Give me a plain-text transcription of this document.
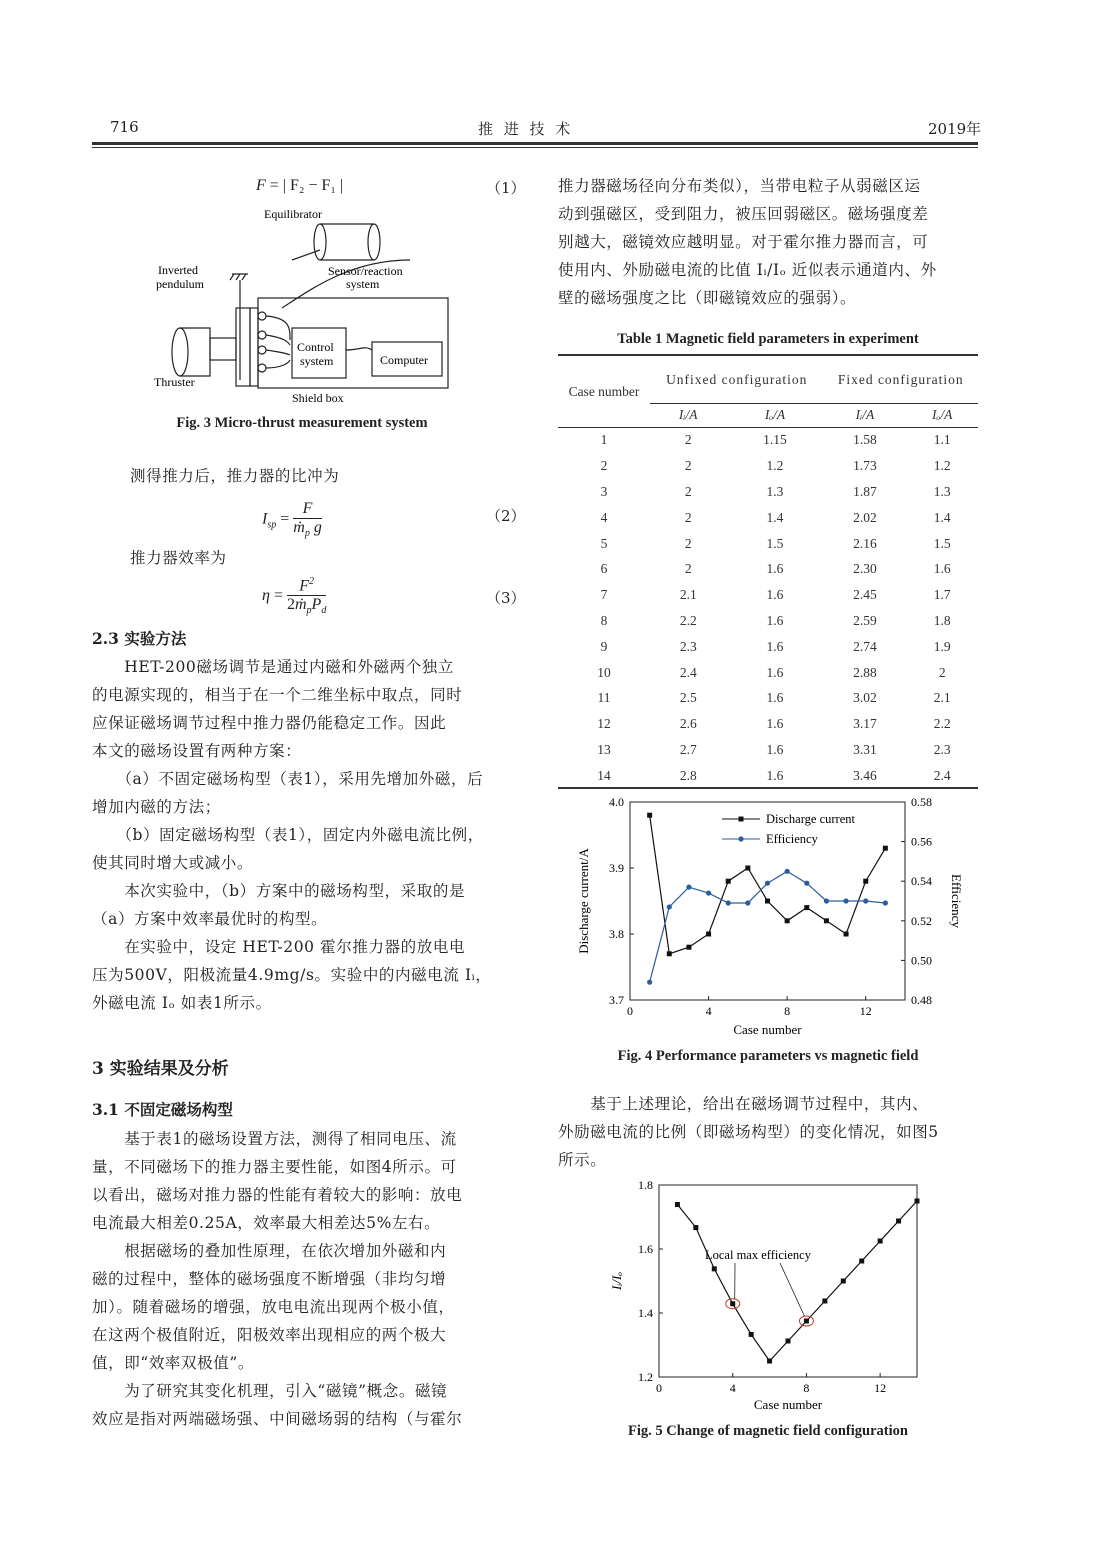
716	推 进 技 术	2019年
F = | F₂ − F₁ |	（1）
Equilibrator
Inverted
pendulum
Sensor/reaction
system
Control
system	Computer
Thruster
Shield box
Fig. 3 Micro-thrust measurement system
测得推力后，推力器的比冲为
$I_{sp} = \frac{F}{ṁ_p g}$	（2）
推力器效率为
η =
$F^2$
$2ṁ_pP_d$
（3）
2.3 实验方法
　　HET-200磁场调节是通过内磁和外磁两个独立
的电源实现的，相当于在一个二维坐标中取点，同时
应保证磁场调节过程中推力器仍能稳定工作。因此
本文的磁场设置有两种方案：
　　（a）不固定磁场构型（表1），采用先增加外磁，后
增加内磁的方法；
　　（b）固定磁场构型（表1），固定内外磁电流比例，
使其同时增大或减小。
　　本次实验中，（b）方案中的磁场构型，采取的是
（a）方案中效率最优时的构型。
　　在实验中，设定 HET-200 霍尔推力器的放电电
压为500V，阳极流量4.9mg/s。实验中的内磁电流 Iᵢ，
外磁电流 Iₒ 如表1所示。
3 实验结果及分析
3.1 不固定磁场构型
　　基于表1的磁场设置方法，测得了相同电压、流
量，不同磁场下的推力器主要性能，如图4所示。可
以看出，磁场对推力器的性能有着较大的影响：放电
电流最大相差0.25A，效率最大相差达5%左右。
　　根据磁场的叠加性原理，在依次增加外磁和内
磁的过程中，整体的磁场强度不断增强（非均匀增
加）。随着磁场的增强，放电电流出现两个极小值，
在这两个极值附近，阳极效率出现相应的两个极大
值，即“效率双极值”。
　　为了研究其变化机理，引入“磁镜”概念。磁镜
效应是指对两端磁场强、中间磁场弱的结构（与霍尔
推力器磁场径向分布类似），当带电粒子从弱磁区运
动到强磁区，受到阻力，被压回弱磁区。磁场强度差
别越大，磁镜效应越明显。对于霍尔推力器而言，可
使用内、外励磁电流的比值 Iᵢ/Iₒ 近似表示通道内、外
壁的磁场强度之比（即磁镜效应的强弱）。
Table 1 Magnetic field parameters in experiment
Case number	Unfixed configuration		Fixed configuration	
	Iᵢ/A	Iₒ/A	Iᵢ/A	Iₒ/A
1	2	1.15	1.58	1.1
2	2	1.2	1.73	1.2
3	2	1.3	1.87	1.3
4	2	1.4	2.02	1.4
5	2	1.5	2.16	1.5
6	2	1.6	2.30	1.6
7	2.1	1.6	2.45	1.7
8	2.2	1.6	2.59	1.8
9	2.3	1.6	2.74	1.9
10	2.4	1.6	2.88	2
11	2.5	1.6	3.02	2.1
12	2.6	1.6	3.17	2.2
13	2.7	1.6	3.31	2.3
14	2.8	1.6	3.46	2.4
0	4	8	12
3.7
3.8
3.9
4.0
0.48
0.50
0.52
0.54
0.56
0.58
Case number
Discharge current/A	Efficiency
Discharge current
Efficiency
Fig. 4 Performance parameters vs magnetic field
　　基于上述理论，给出在磁场调节过程中，其内、
外励磁电流的比例（即磁场构型）的变化情况，如图5
所示。
0	4	8	12
1.2
1.4
1.6
1.8
Case number
Iᵢ/Iₒ
Local max efficiency
Fig. 5 Change of magnetic field configuration
